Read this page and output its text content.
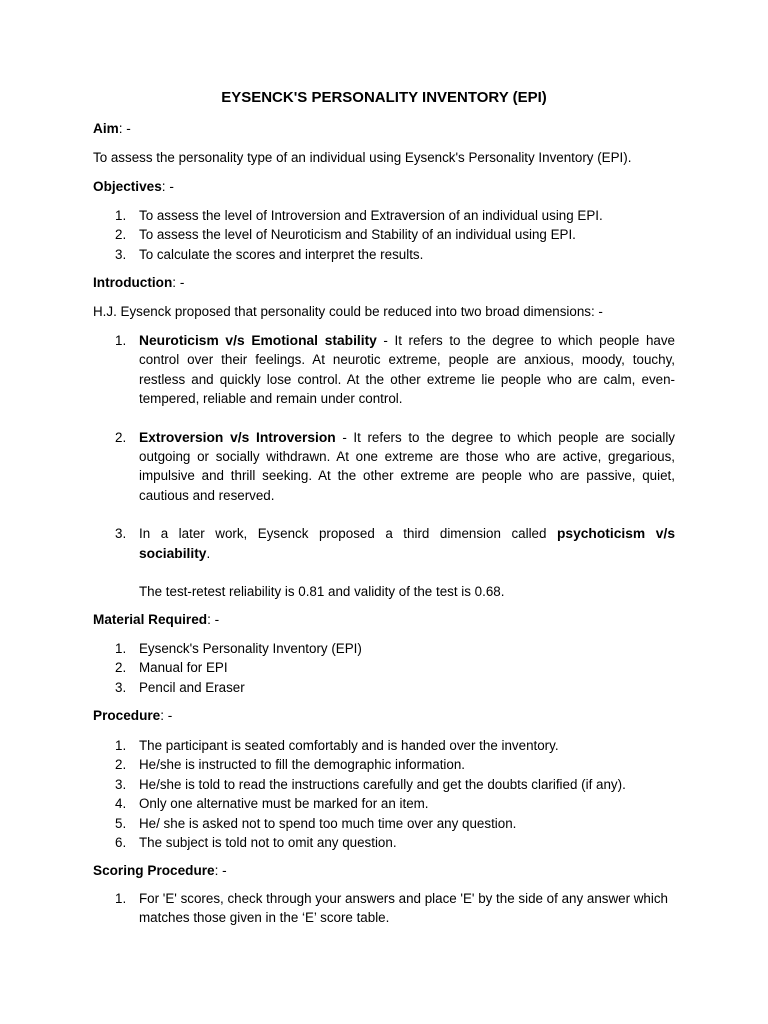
EYSENCK'S PERSONALITY INVENTORY (EPI)
Aim: -
To assess the personality type of an individual using Eysenck's Personality Inventory (EPI).
Objectives: -
1. To assess the level of Introversion and Extraversion of an individual using EPI.
2. To assess the level of Neuroticism and Stability of an individual using EPI.
3. To calculate the scores and interpret the results.
Introduction: -
H.J. Eysenck proposed that personality could be reduced into two broad dimensions: -
1. Neuroticism v/s Emotional stability - It refers to the degree to which people have control over their feelings. At neurotic extreme, people are anxious, moody, touchy, restless and quickly lose control. At the other extreme lie people who are calm, even-tempered, reliable and remain under control.
2. Extroversion v/s Introversion - It refers to the degree to which people are socially outgoing or socially withdrawn. At one extreme are those who are active, gregarious, impulsive and thrill seeking. At the other extreme are people who are passive, quiet, cautious and reserved.
3. In a later work, Eysenck proposed a third dimension called psychoticism v/s sociability.
The test-retest reliability is 0.81 and validity of the test is 0.68.
Material Required: -
1. Eysenck's Personality Inventory (EPI)
2. Manual for EPI
3. Pencil and Eraser
Procedure: -
1. The participant is seated comfortably and is handed over the inventory.
2. He/she is instructed to fill the demographic information.
3. He/she is told to read the instructions carefully and get the doubts clarified (if any).
4. Only one alternative must be marked for an item.
5. He/ she is asked not to spend too much time over any question.
6. The subject is told not to omit any question.
Scoring Procedure: -
1. For 'E' scores, check through your answers and place 'E' by the side of any answer which matches those given in the ‘E’ score table.
